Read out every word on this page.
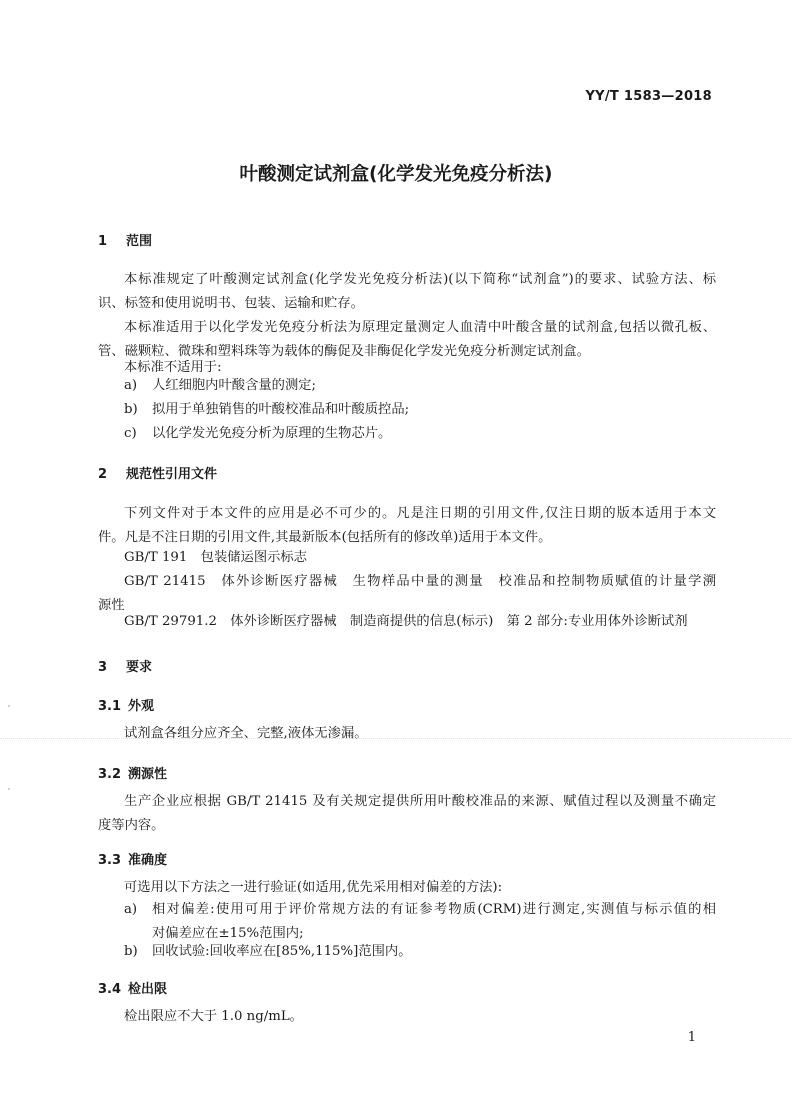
YY/T 1583—2018
叶酸测定试剂盒(化学发光免疫分析法)
1 范围
本标准规定了叶酸测定试剂盒(化学发光免疫分析法)(以下简称“试剂盒”)的要求、试验方法、标
识、标签和使用说明书、包装、运输和贮存。
本标准适用于以化学发光免疫分析法为原理定量测定人血清中叶酸含量的试剂盒,包括以微孔板、
管、磁颗粒、微珠和塑料珠等为载体的酶促及非酶促化学发光免疫分析测定试剂盒。
本标准不适用于:
a) 人红细胞内叶酸含量的测定;
b) 拟用于单独销售的叶酸校准品和叶酸质控品;
c) 以化学发光免疫分析为原理的生物芯片。
2 规范性引用文件
下列文件对于本文件的应用是必不可少的。凡是注日期的引用文件,仅注日期的版本适用于本文
件。凡是不注日期的引用文件,其最新版本(包括所有的修改单)适用于本文件。
GB/T 191　包装储运图示标志
GB/T 21415　体外诊断医疗器械　生物样品中量的测量　校准品和控制物质赋值的计量学溯
源性
GB/T 29791.2　体外诊断医疗器械　制造商提供的信息(标示)　第 2 部分:专业用体外诊断试剂
3 要求
3.1 外观
试剂盒各组分应齐全、完整,液体无渗漏。
3.2 溯源性
生产企业应根据 GB/T 21415 及有关规定提供所用叶酸校准品的来源、赋值过程以及测量不确定
度等内容。
3.3 准确度
可选用以下方法之一进行验证(如适用,优先采用相对偏差的方法):
a) 相对偏差:使用可用于评价常规方法的有证参考物质(CRM)进行测定,实测值与标示值的相
对偏差应在±15%范围内;
b) 回收试验:回收率应在[85%,115%]范围内。
3.4 检出限
检出限应不大于 1.0 ng/mL。
1
